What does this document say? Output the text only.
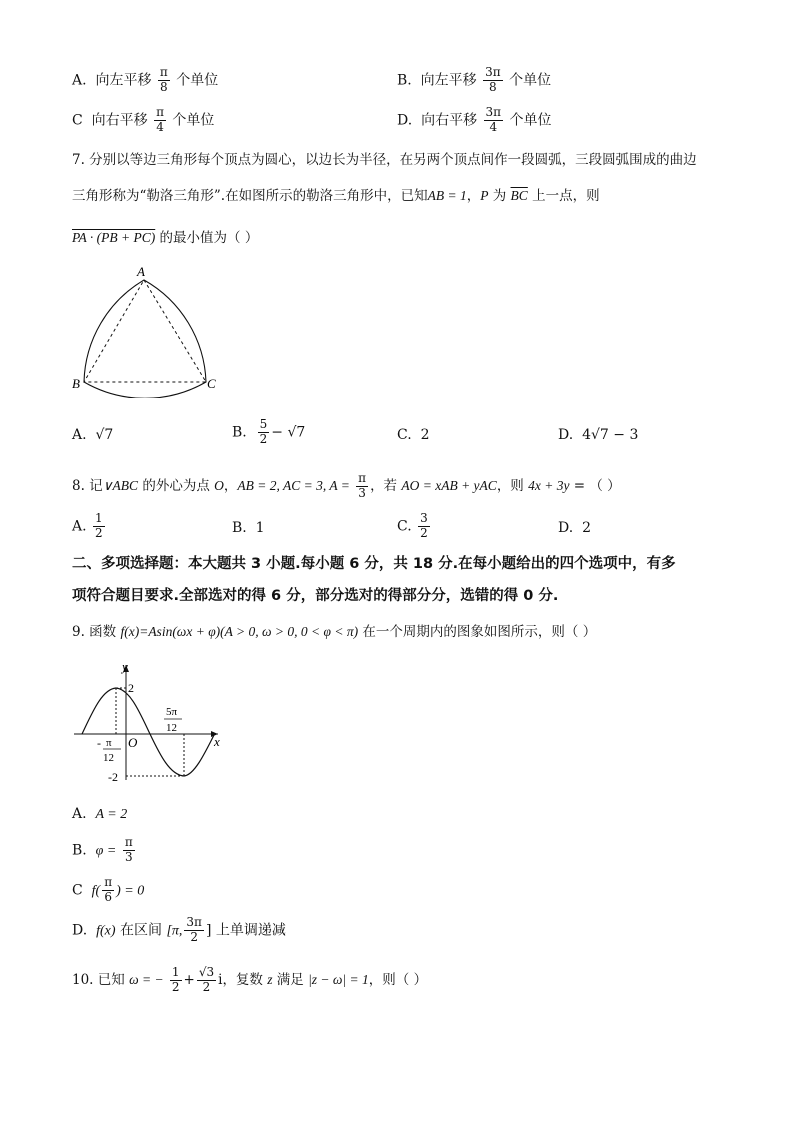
A. 向左平移 $\frac{\pi}{8}$ 个单位	B. 向左平移 $\frac{3\pi}{8}$ 个单位
C 向右平移 $\frac{\pi}{4}$ 个单位	D. 向右平移 $\frac{3\pi}{4}$ 个单位
7. 分别以等边三角形每个顶点为圆心，以边长为半径，在另两个顶点间作一段圆弧，三段圆弧围成的曲边
三角形称为“勒洛三角形”.在如图所示的勒洛三角形中，已知AB = 1，P 为 $\overline{BC}$ 上一点，则
PA · (PB + PC) 的最小值为（ ）
A
B	C
A. √7	B. $\frac{5}{2} - √7$	C. 2	D. 4√7 − 3
8. 记∨ABC 的外心为点 O，AB = 2, AC = 3, $A = \frac{\pi}{3}$ ，若 AO = xAB + yAC，则 4x + 3y = （ ）
A. $\frac{1}{2}$	B. 1	C. $\frac{3}{2}$	D. 2
二、多项选择题：本大题共 3 小题.每小题 6 分，共 18 分.在每小题给出的四个选项中，有多
项符合题目要求.全部选对的得 6 分，部分选对的得部分分，选错的得 0 分.
9. 函数 f(x)=Asin(ωx + φ)(A > 0, ω > 0, 0 < φ < π) 在一个周期内的图象如图所示，则（ ）
y
x
O
2
-2
- π
12
5π
12
A. A = 2
B. $\varphi = \frac{\pi}{3}$
C $f( \frac{\pi}{6}$ ) = 0
D. f(x) 在区间 [π, $\frac{3\pi}{2}$ ] 上单调递减
10. 已知 ω = − $\frac{1}{2} + \frac{√3}{2}$ i，复数 z 满足 |z − ω| = 1，则（ ）
